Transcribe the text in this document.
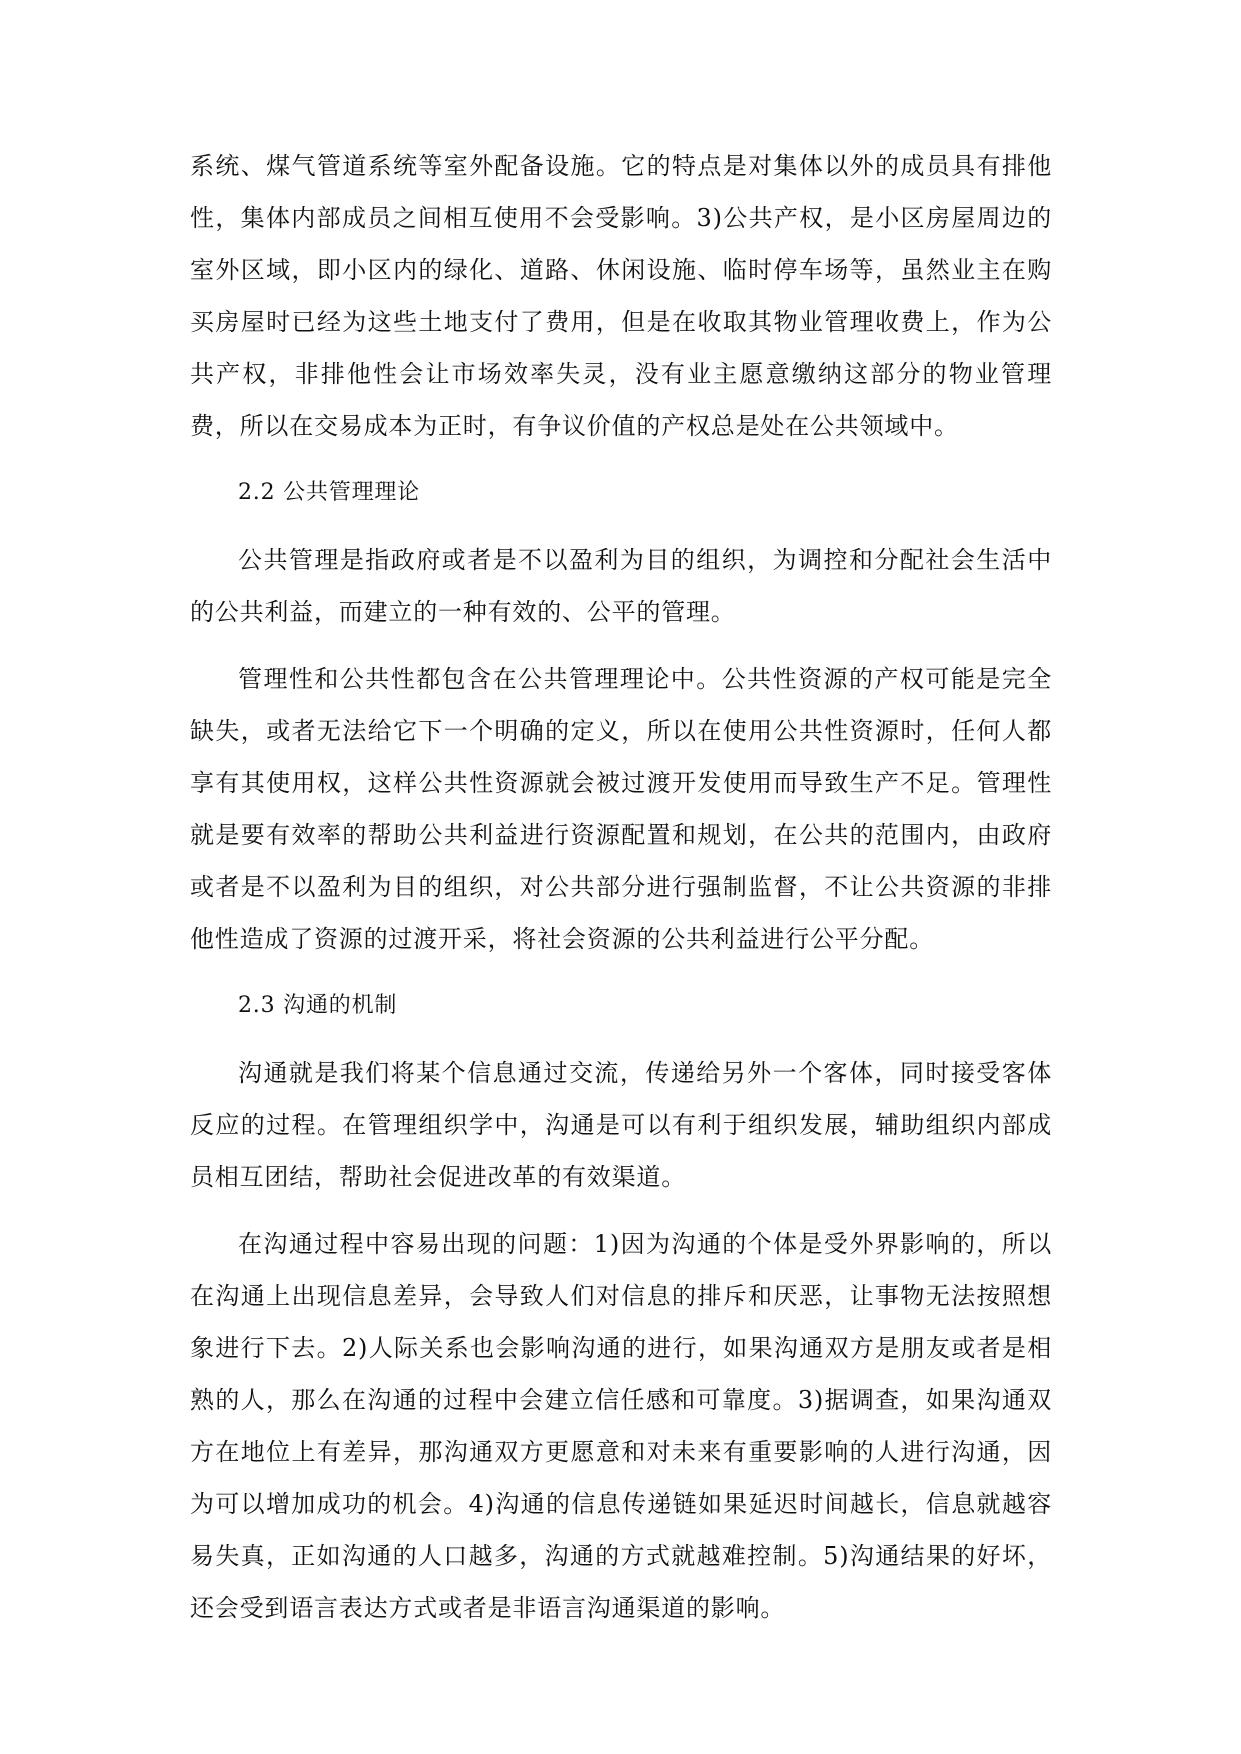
系统、煤气管道系统等室外配备设施。它的特点是对集体以外的成员具有排他性，集体内部成员之间相互使用不会受影响。3)公共产权，是小区房屋周边的室外区域，即小区内的绿化、道路、休闲设施、临时停车场等，虽然业主在购买房屋时已经为这些土地支付了费用，但是在收取其物业管理收费上，作为公共产权，非排他性会让市场效率失灵，没有业主愿意缴纳这部分的物业管理费，所以在交易成本为正时，有争议价值的产权总是处在公共领域中。

2.2 公共管理理论

公共管理是指政府或者是不以盈利为目的组织，为调控和分配社会生活中的公共利益，而建立的一种有效的、公平的管理。

管理性和公共性都包含在公共管理理论中。公共性资源的产权可能是完全缺失，或者无法给它下一个明确的定义，所以在使用公共性资源时，任何人都享有其使用权，这样公共性资源就会被过渡开发使用而导致生产不足。管理性就是要有效率的帮助公共利益进行资源配置和规划，在公共的范围内，由政府或者是不以盈利为目的组织，对公共部分进行强制监督，不让公共资源的非排他性造成了资源的过渡开采，将社会资源的公共利益进行公平分配。

2.3 沟通的机制

沟通就是我们将某个信息通过交流，传递给另外一个客体，同时接受客体反应的过程。在管理组织学中，沟通是可以有利于组织发展，辅助组织内部成员相互团结，帮助社会促进改革的有效渠道。

在沟通过程中容易出现的问题：1)因为沟通的个体是受外界影响的，所以在沟通上出现信息差异，会导致人们对信息的排斥和厌恶，让事物无法按照想象进行下去。2)人际关系也会影响沟通的进行，如果沟通双方是朋友或者是相熟的人，那么在沟通的过程中会建立信任感和可靠度。3)据调查，如果沟通双方在地位上有差异，那沟通双方更愿意和对未来有重要影响的人进行沟通，因为可以增加成功的机会。4)沟通的信息传递链如果延迟时间越长，信息就越容易失真，正如沟通的人口越多，沟通的方式就越难控制。5)沟通结果的好坏，还会受到语言表达方式或者是非语言沟通渠道的影响。
